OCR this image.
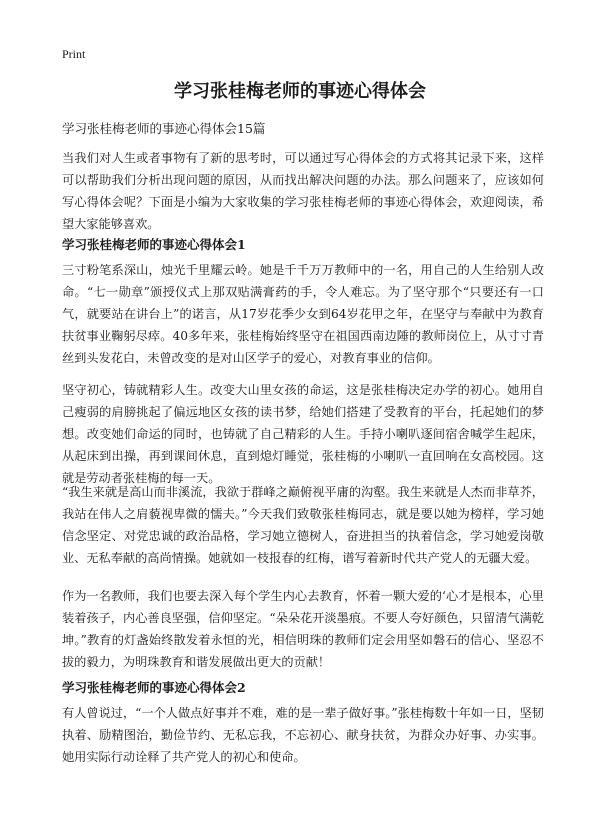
Print
学习张桂梅老师的事迹心得体会
学习张桂梅老师的事迹心得体会15篇

当我们对人生或者事物有了新的思考时，可以通过写心得体会的方式将其记录下来，这样可以帮助我们分析出现问题的原因，从而找出解决问题的办法。那么问题来了，应该如何写心得体会呢？下面是小编为大家收集的学习张桂梅老师的事迹心得体会，欢迎阅读，希望大家能够喜欢。

学习张桂梅老师的事迹心得体会1

三寸粉笔系深山，烛光千里耀云岭。她是千千万万教师中的一名，用自己的人生给别人改命。“七一勋章”颁授仪式上那双贴满膏药的手，令人难忘。为了坚守那个“只要还有一口气，就要站在讲台上”的诺言，从17岁花季少女到64岁花甲之年，在坚守与奉献中为教育扶贫事业鞠躬尽瘁。40多年来，张桂梅始终坚守在祖国西南边陲的教师岗位上，从寸寸青丝到头发花白，未曾改变的是对山区学子的爱心，对教育事业的信仰。

坚守初心，铸就精彩人生。改变大山里女孩的命运，这是张桂梅决定办学的初心。她用自己瘦弱的肩膀挑起了偏远地区女孩的读书梦，给她们搭建了受教育的平台，托起她们的梦想。改变她们命运的同时，也铸就了自己精彩的人生。手持小喇叭逐间宿舍喊学生起床，从起床到出操，再到课间休息，直到熄灯睡觉，张桂梅的小喇叭一直回响在女高校园。这就是劳动者张桂梅的每一天。

“我生来就是高山而非溪流，我欲于群峰之巅俯视平庸的沟壑。我生来就是人杰而非草芥，我站在伟人之肩藐视卑微的懦夫。”今天我们致敬张桂梅同志，就是要以她为榜样，学习她信念坚定、对党忠诚的政治品格，学习她立德树人，奋进担当的执着信念，学习她爱岗敬业、无私奉献的高尚情操。她就如一枝报春的红梅，谱写着新时代共产党人的无疆大爱。

作为一名教师，我们也要去深入每个学生内心去教育，怀着一颗大爱的‘心才是根本，心里装着孩子，内心善良坚强，信仰坚定。“朵朵花开淡墨痕。不要人夸好颜色，只留清气满乾坤。”教育的灯盏始终散发着永恒的光，相信明珠的教师们定会用坚如磐石的信心、坚忍不拔的毅力，为明珠教育和谐发展做出更大的贡献！

学习张桂梅老师的事迹心得体会2

有人曾说过，“一个人做点好事并不难，难的是一辈子做好事。”张桂梅数十年如一日，坚韧执着、励精图治，勤俭节约、无私忘我，不忘初心、献身扶贫，为群众办好事、办实事。她用实际行动诠释了共产党人的初心和使命。
